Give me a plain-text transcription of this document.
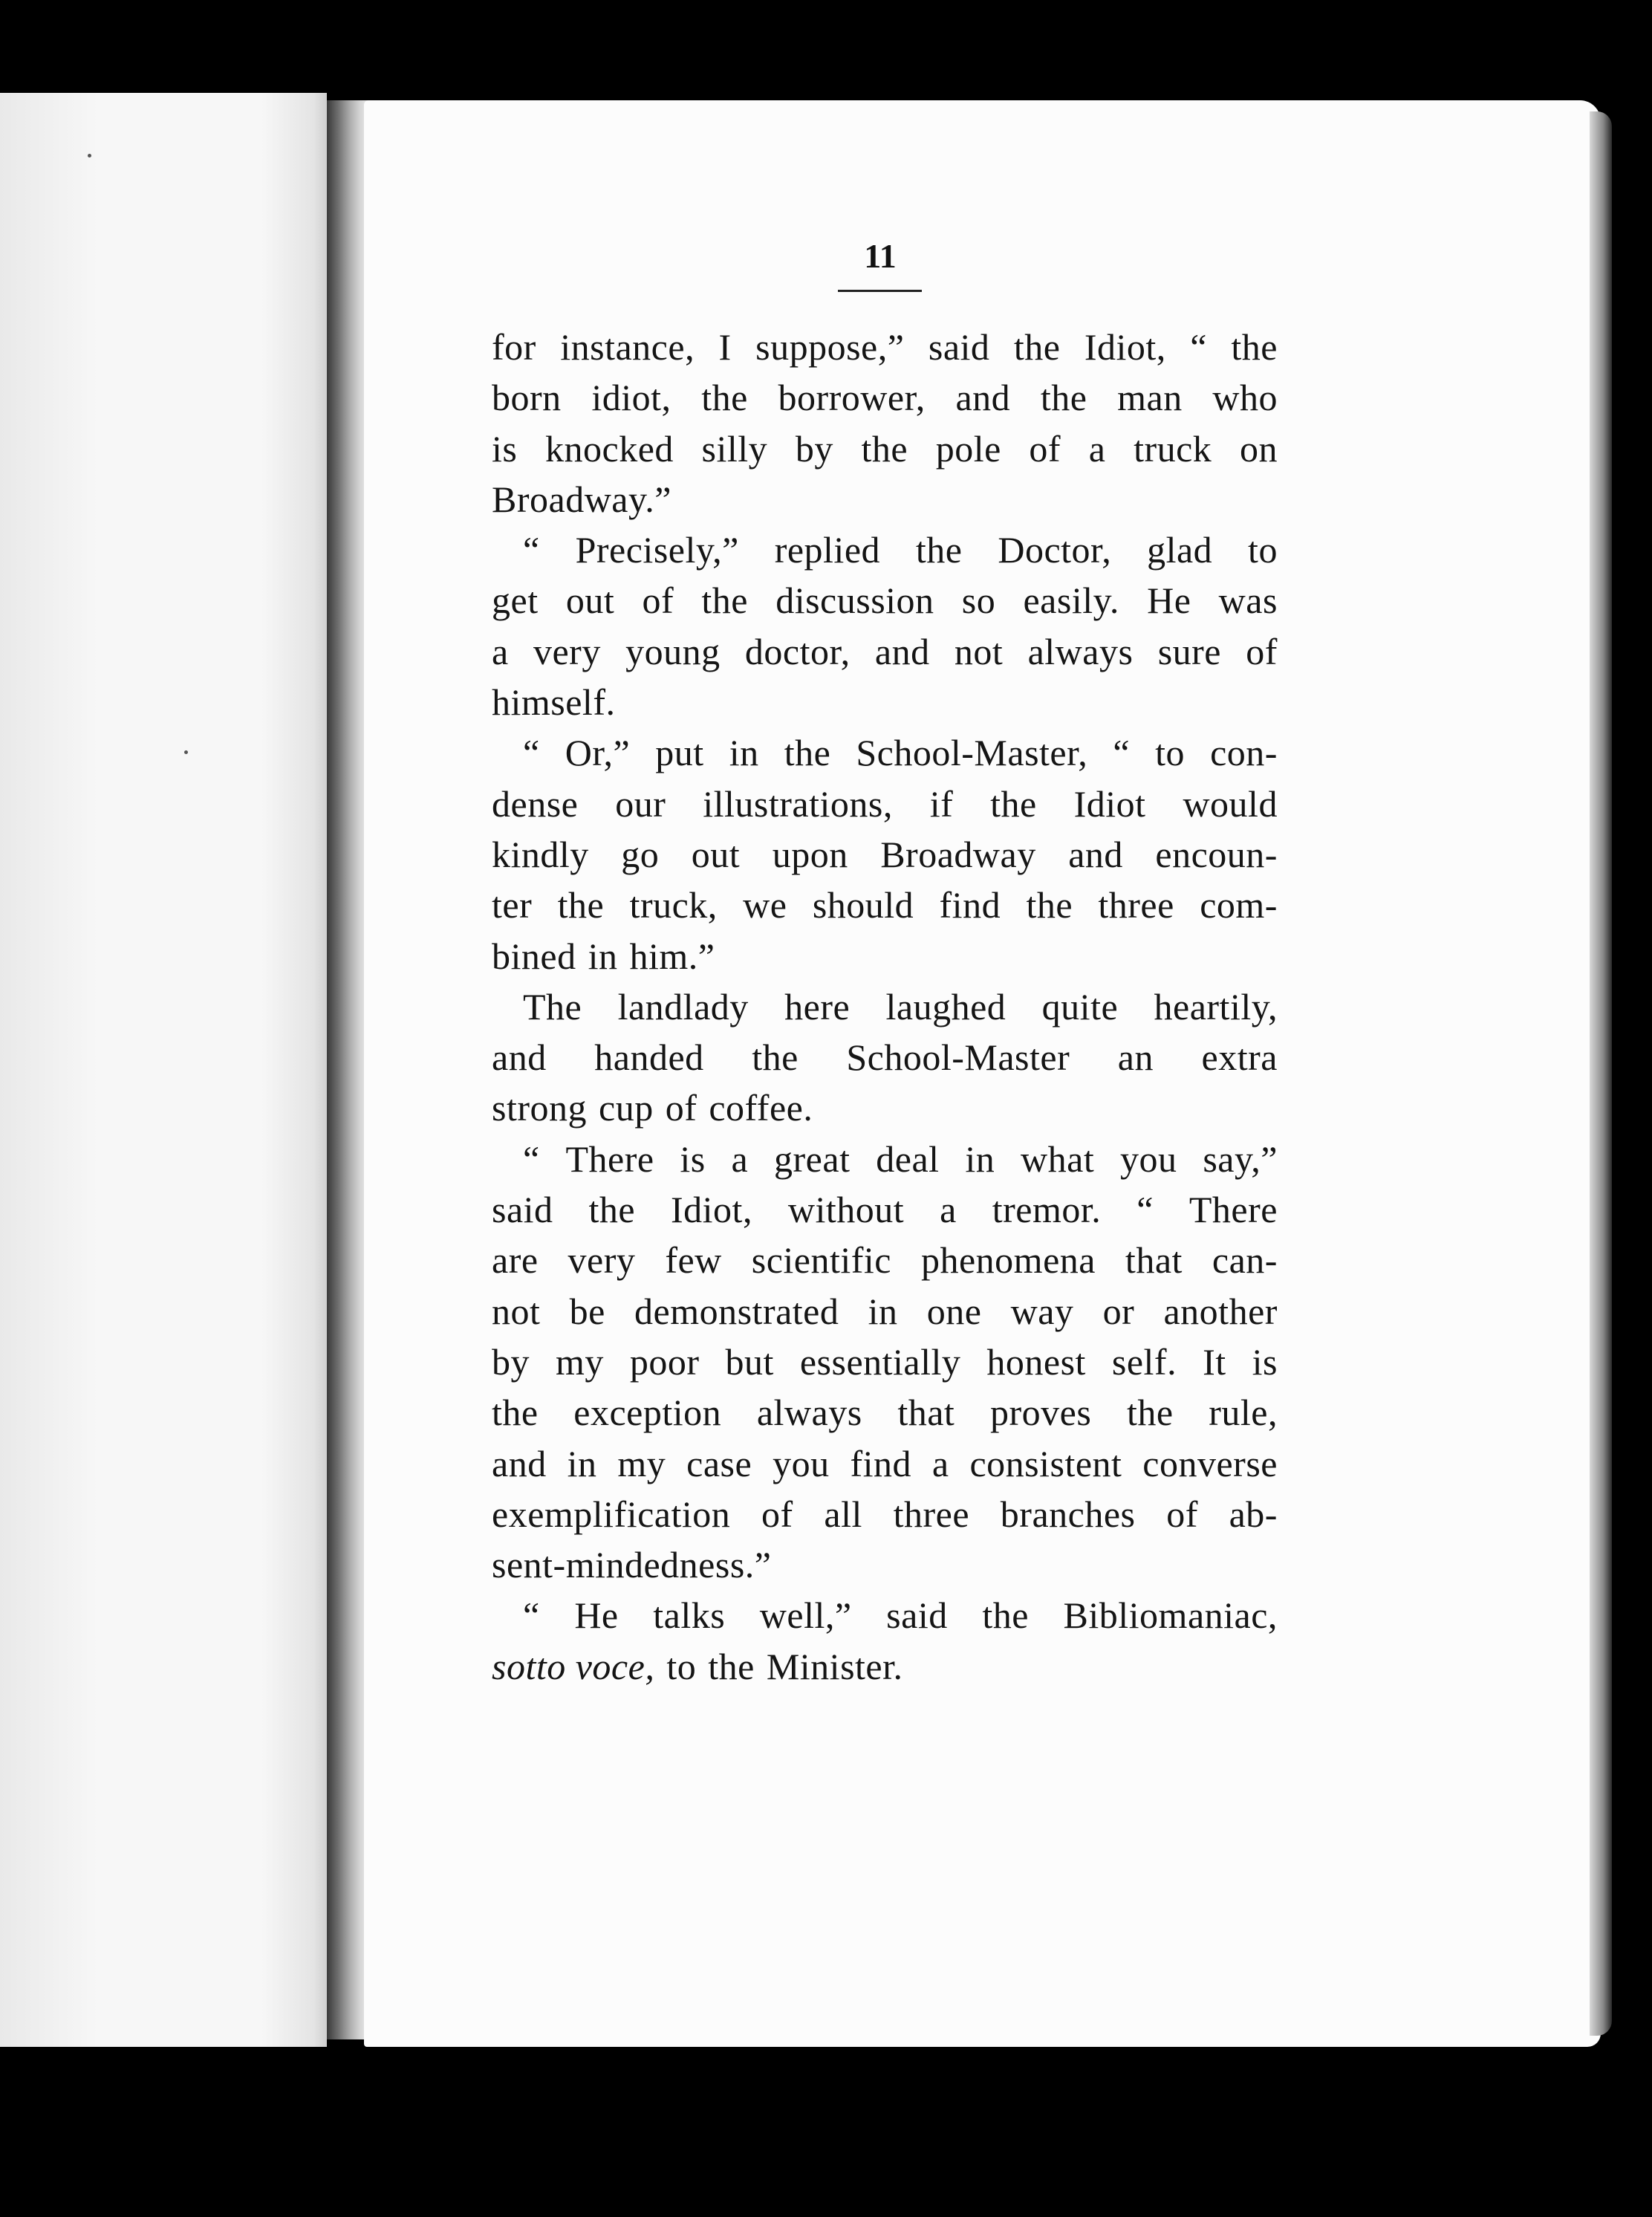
11
for instance, I suppose,” said the Idiot, “ the
born idiot, the borrower, and the man who
is knocked silly by the pole of a truck on
Broadway.”
“ Precisely,” replied the Doctor, glad to
get out of the discussion so easily. He was
a very young doctor, and not always sure of
himself.
“ Or,” put in the School-Master, “ to con-
dense our illustrations, if the Idiot would
kindly go out upon Broadway and encoun-
ter the truck, we should find the three com-
bined in him.”
The landlady here laughed quite heartily,
and handed the School-Master an extra
strong cup of coffee.
“ There is a great deal in what you say,”
said the Idiot, without a tremor. “ There
are very few scientific phenomena that can-
not be demonstrated in one way or another
by my poor but essentially honest self. It is
the exception always that proves the rule,
and in my case you find a consistent converse
exemplification of all three branches of ab-
sent-mindedness.”
“ He talks well,” said the Bibliomaniac,
sotto voce, to the Minister.
